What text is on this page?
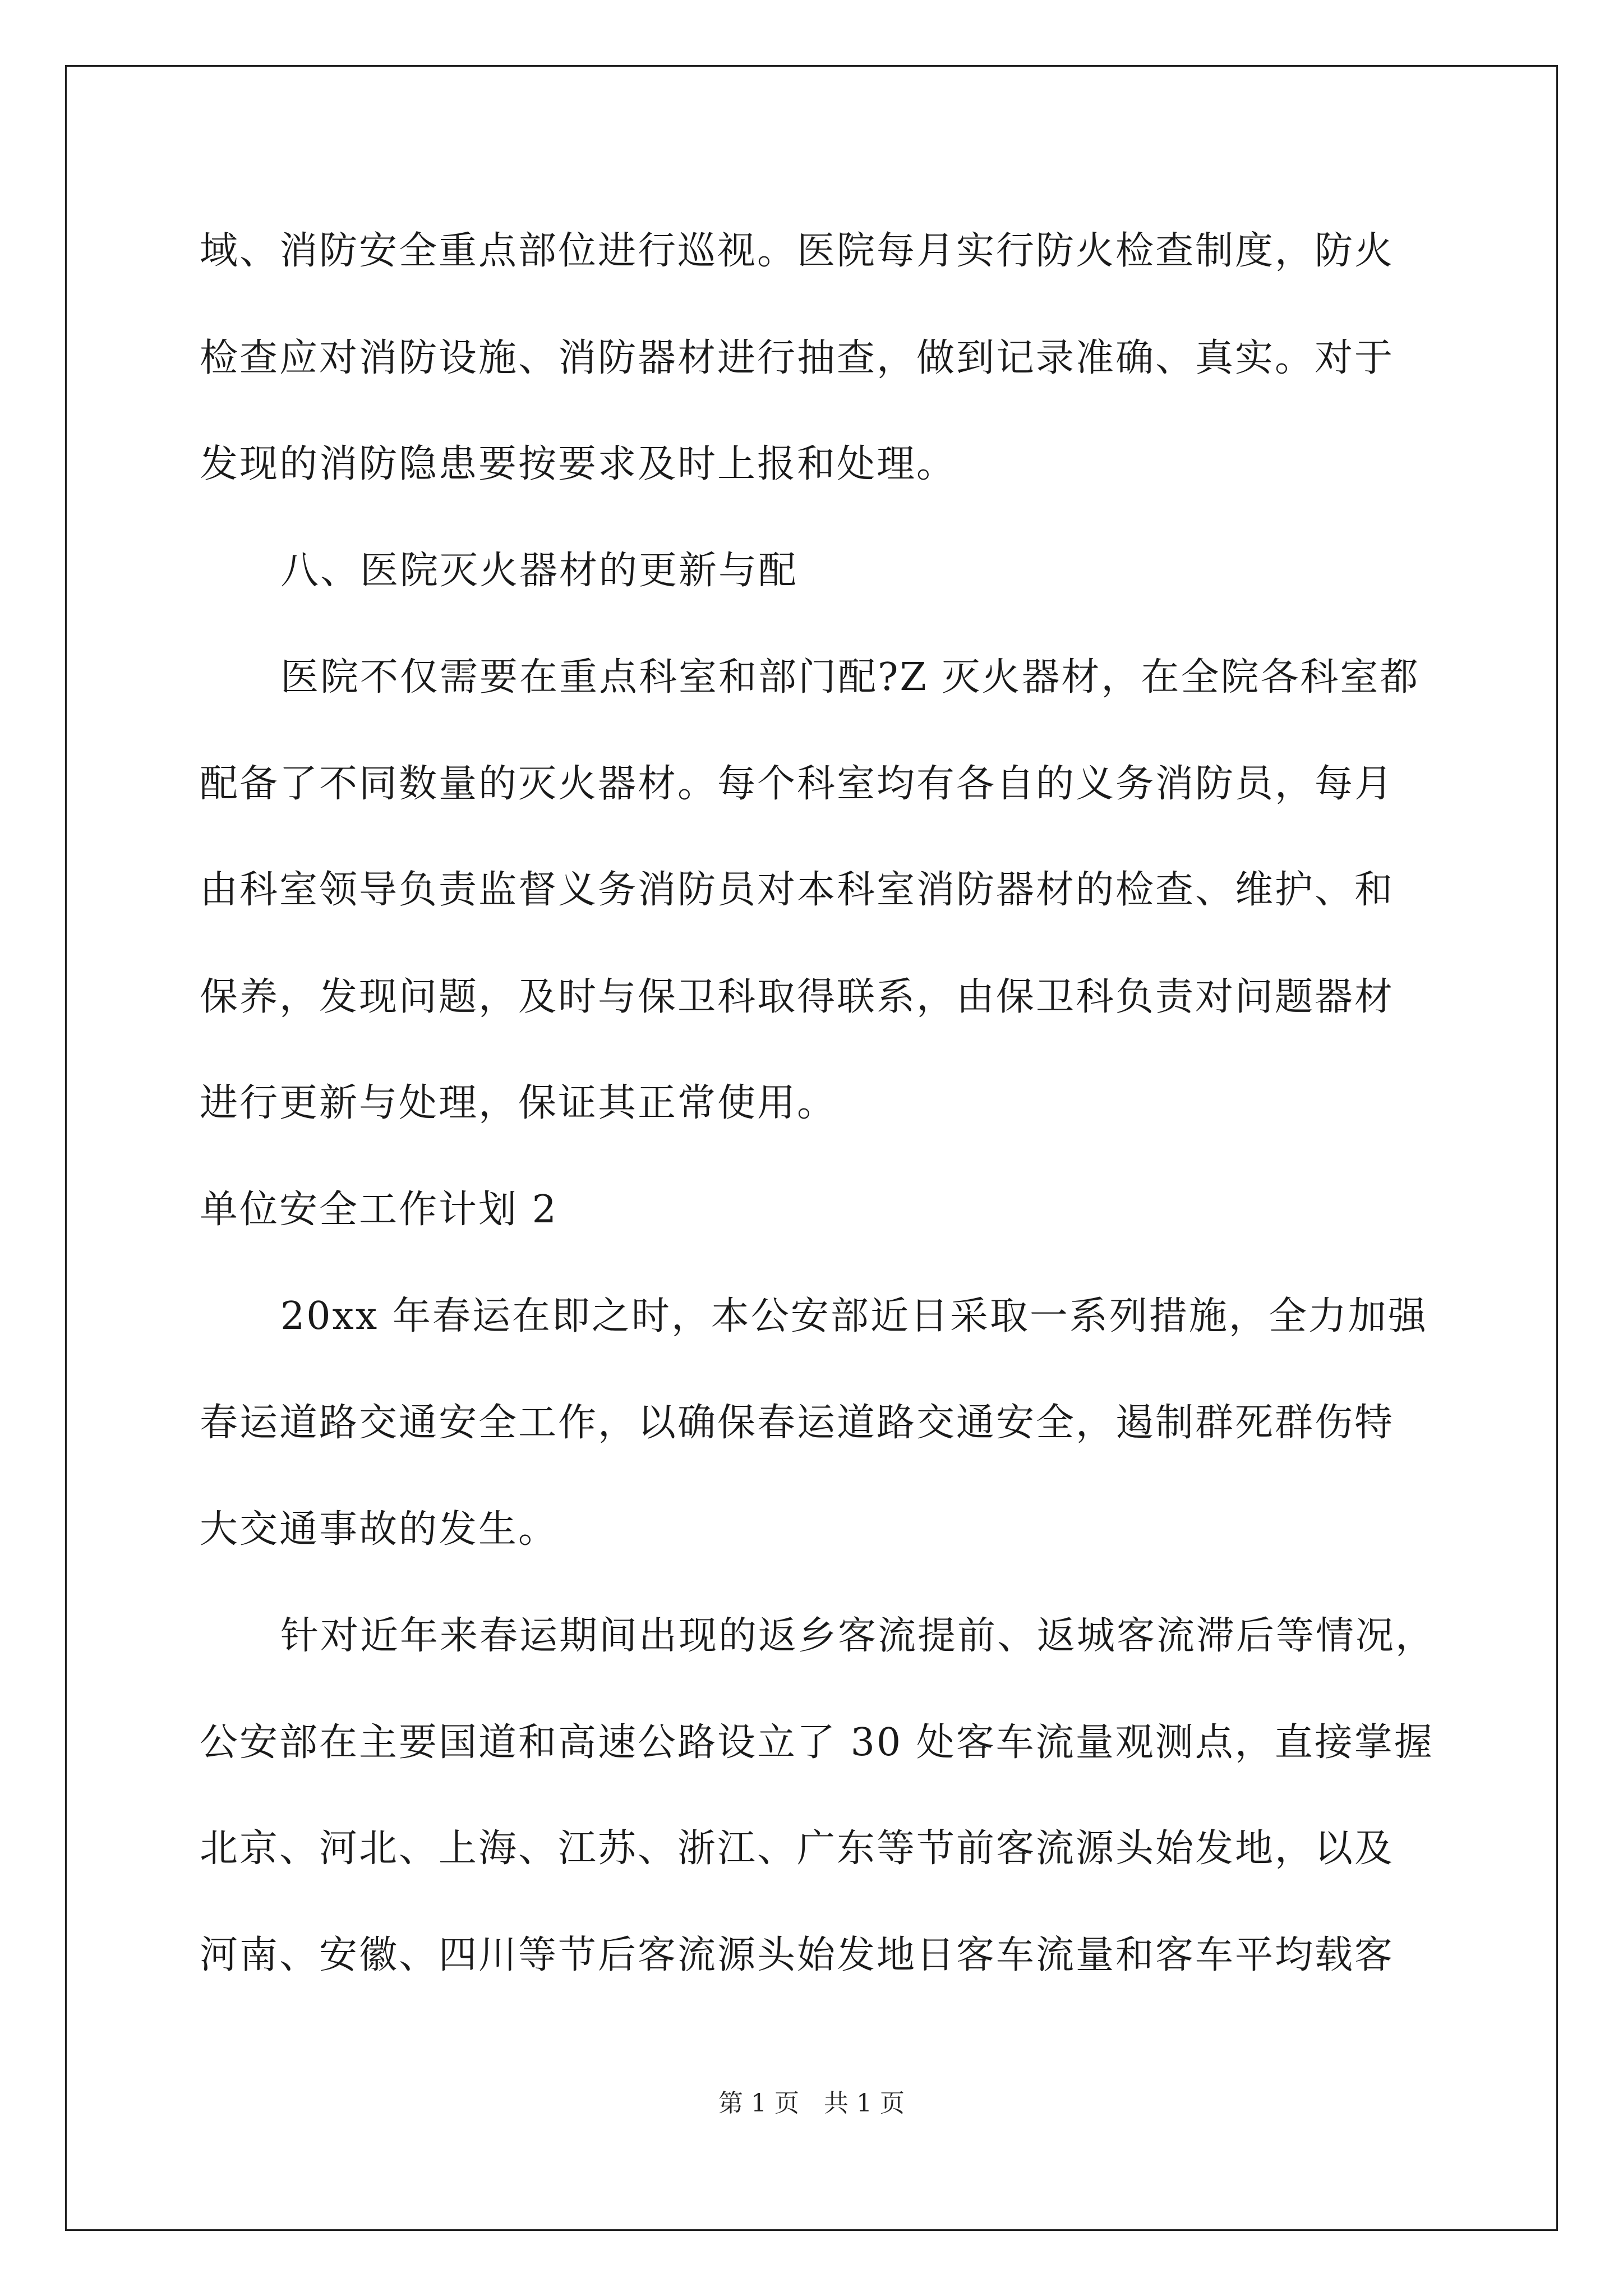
域、消防安全重点部位进行巡视。医院每月实行防火检查制度，防火
检查应对消防设施、消防器材进行抽查，做到记录准确、真实。对于
发现的消防隐患要按要求及时上报和处理。
八、医院灭火器材的更新与配
医院不仅需要在重点科室和部门配?Z 灭火器材，在全院各科室都
配备了不同数量的灭火器材。每个科室均有各自的义务消防员，每月
由科室领导负责监督义务消防员对本科室消防器材的检查、维护、和
保养，发现问题，及时与保卫科取得联系，由保卫科负责对问题器材
进行更新与处理，保证其正常使用。
单位安全工作计划 2
20xx 年春运在即之时，本公安部近日采取一系列措施，全力加强
春运道路交通安全工作，以确保春运道路交通安全，遏制群死群伤特
大交通事故的发生。
针对近年来春运期间出现的返乡客流提前、返城客流滞后等情况，
公安部在主要国道和高速公路设立了 30 处客车流量观测点，直接掌握
北京、河北、上海、江苏、浙江、广东等节前客流源头始发地，以及
河南、安徽、四川等节后客流源头始发地日客车流量和客车平均载客
第 1 页　共 1 页
